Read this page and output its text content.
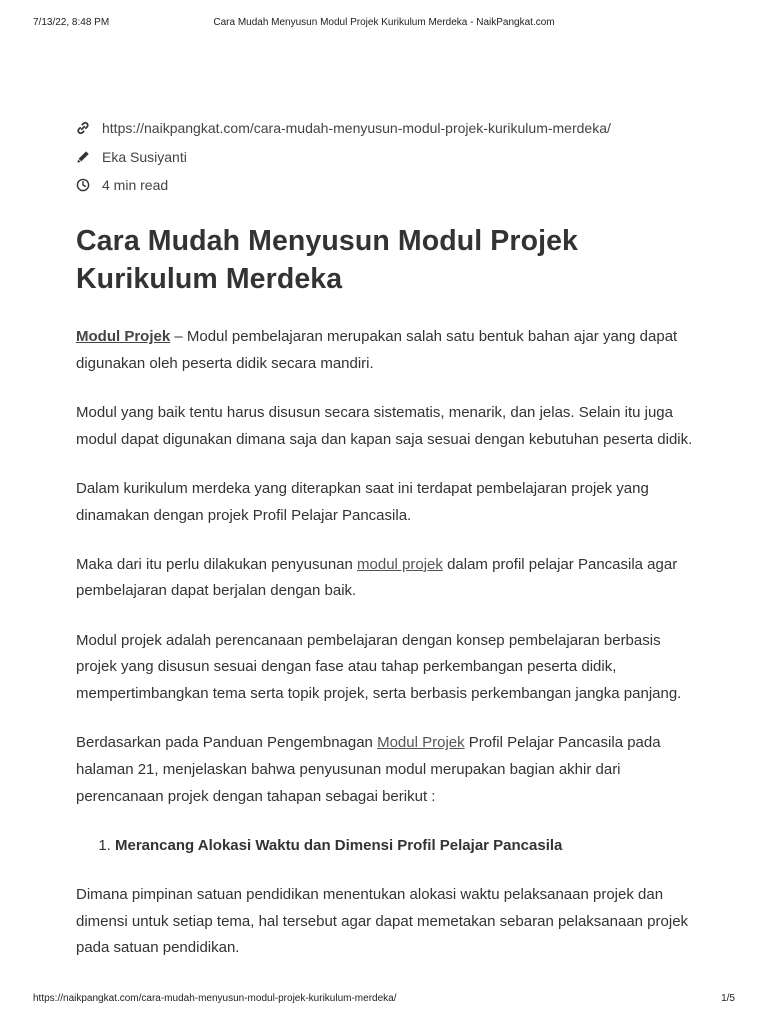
7/13/22, 8:48 PM	Cara Mudah Menyusun Modul Projek Kurikulum Merdeka - NaikPangkat.com
https://naikpangkat.com/cara-mudah-menyusun-modul-projek-kurikulum-merdeka/
Eka Susiyanti
4 min read
Cara Mudah Menyusun Modul Projek Kurikulum Merdeka

Modul Projek – Modul pembelajaran merupakan salah satu bentuk bahan ajar yang dapat digunakan oleh peserta didik secara mandiri.

Modul yang baik tentu harus disusun secara sistematis, menarik, dan jelas. Selain itu juga modul dapat digunakan dimana saja dan kapan saja sesuai dengan kebutuhan peserta didik.

Dalam kurikulum merdeka yang diterapkan saat ini terdapat pembelajaran projek yang dinamakan dengan projek Profil Pelajar Pancasila.

Maka dari itu perlu dilakukan penyusunan modul projek dalam profil pelajar Pancasila agar pembelajaran dapat berjalan dengan baik.

Modul projek adalah perencanaan pembelajaran dengan konsep pembelajaran berbasis projek yang disusun sesuai dengan fase atau tahap perkembangan peserta didik, mempertimbangkan tema serta topik projek, serta berbasis perkembangan jangka panjang.

Berdasarkan pada Panduan Pengembnagan Modul Projek Profil Pelajar Pancasila pada halaman 21, menjelaskan bahwa penyusunan modul merupakan bagian akhir dari perencanaan projek dengan tahapan sebagai berikut :

1. Merancang Alokasi Waktu dan Dimensi Profil Pelajar Pancasila

Dimana pimpinan satuan pendidikan menentukan alokasi waktu pelaksanaan projek dan dimensi untuk setiap tema, hal tersebut agar dapat memetakan sebaran pelaksanaan projek pada satuan pendidikan.

https://naikpangkat.com/cara-mudah-menyusun-modul-projek-kurikulum-merdeka/	1/5
